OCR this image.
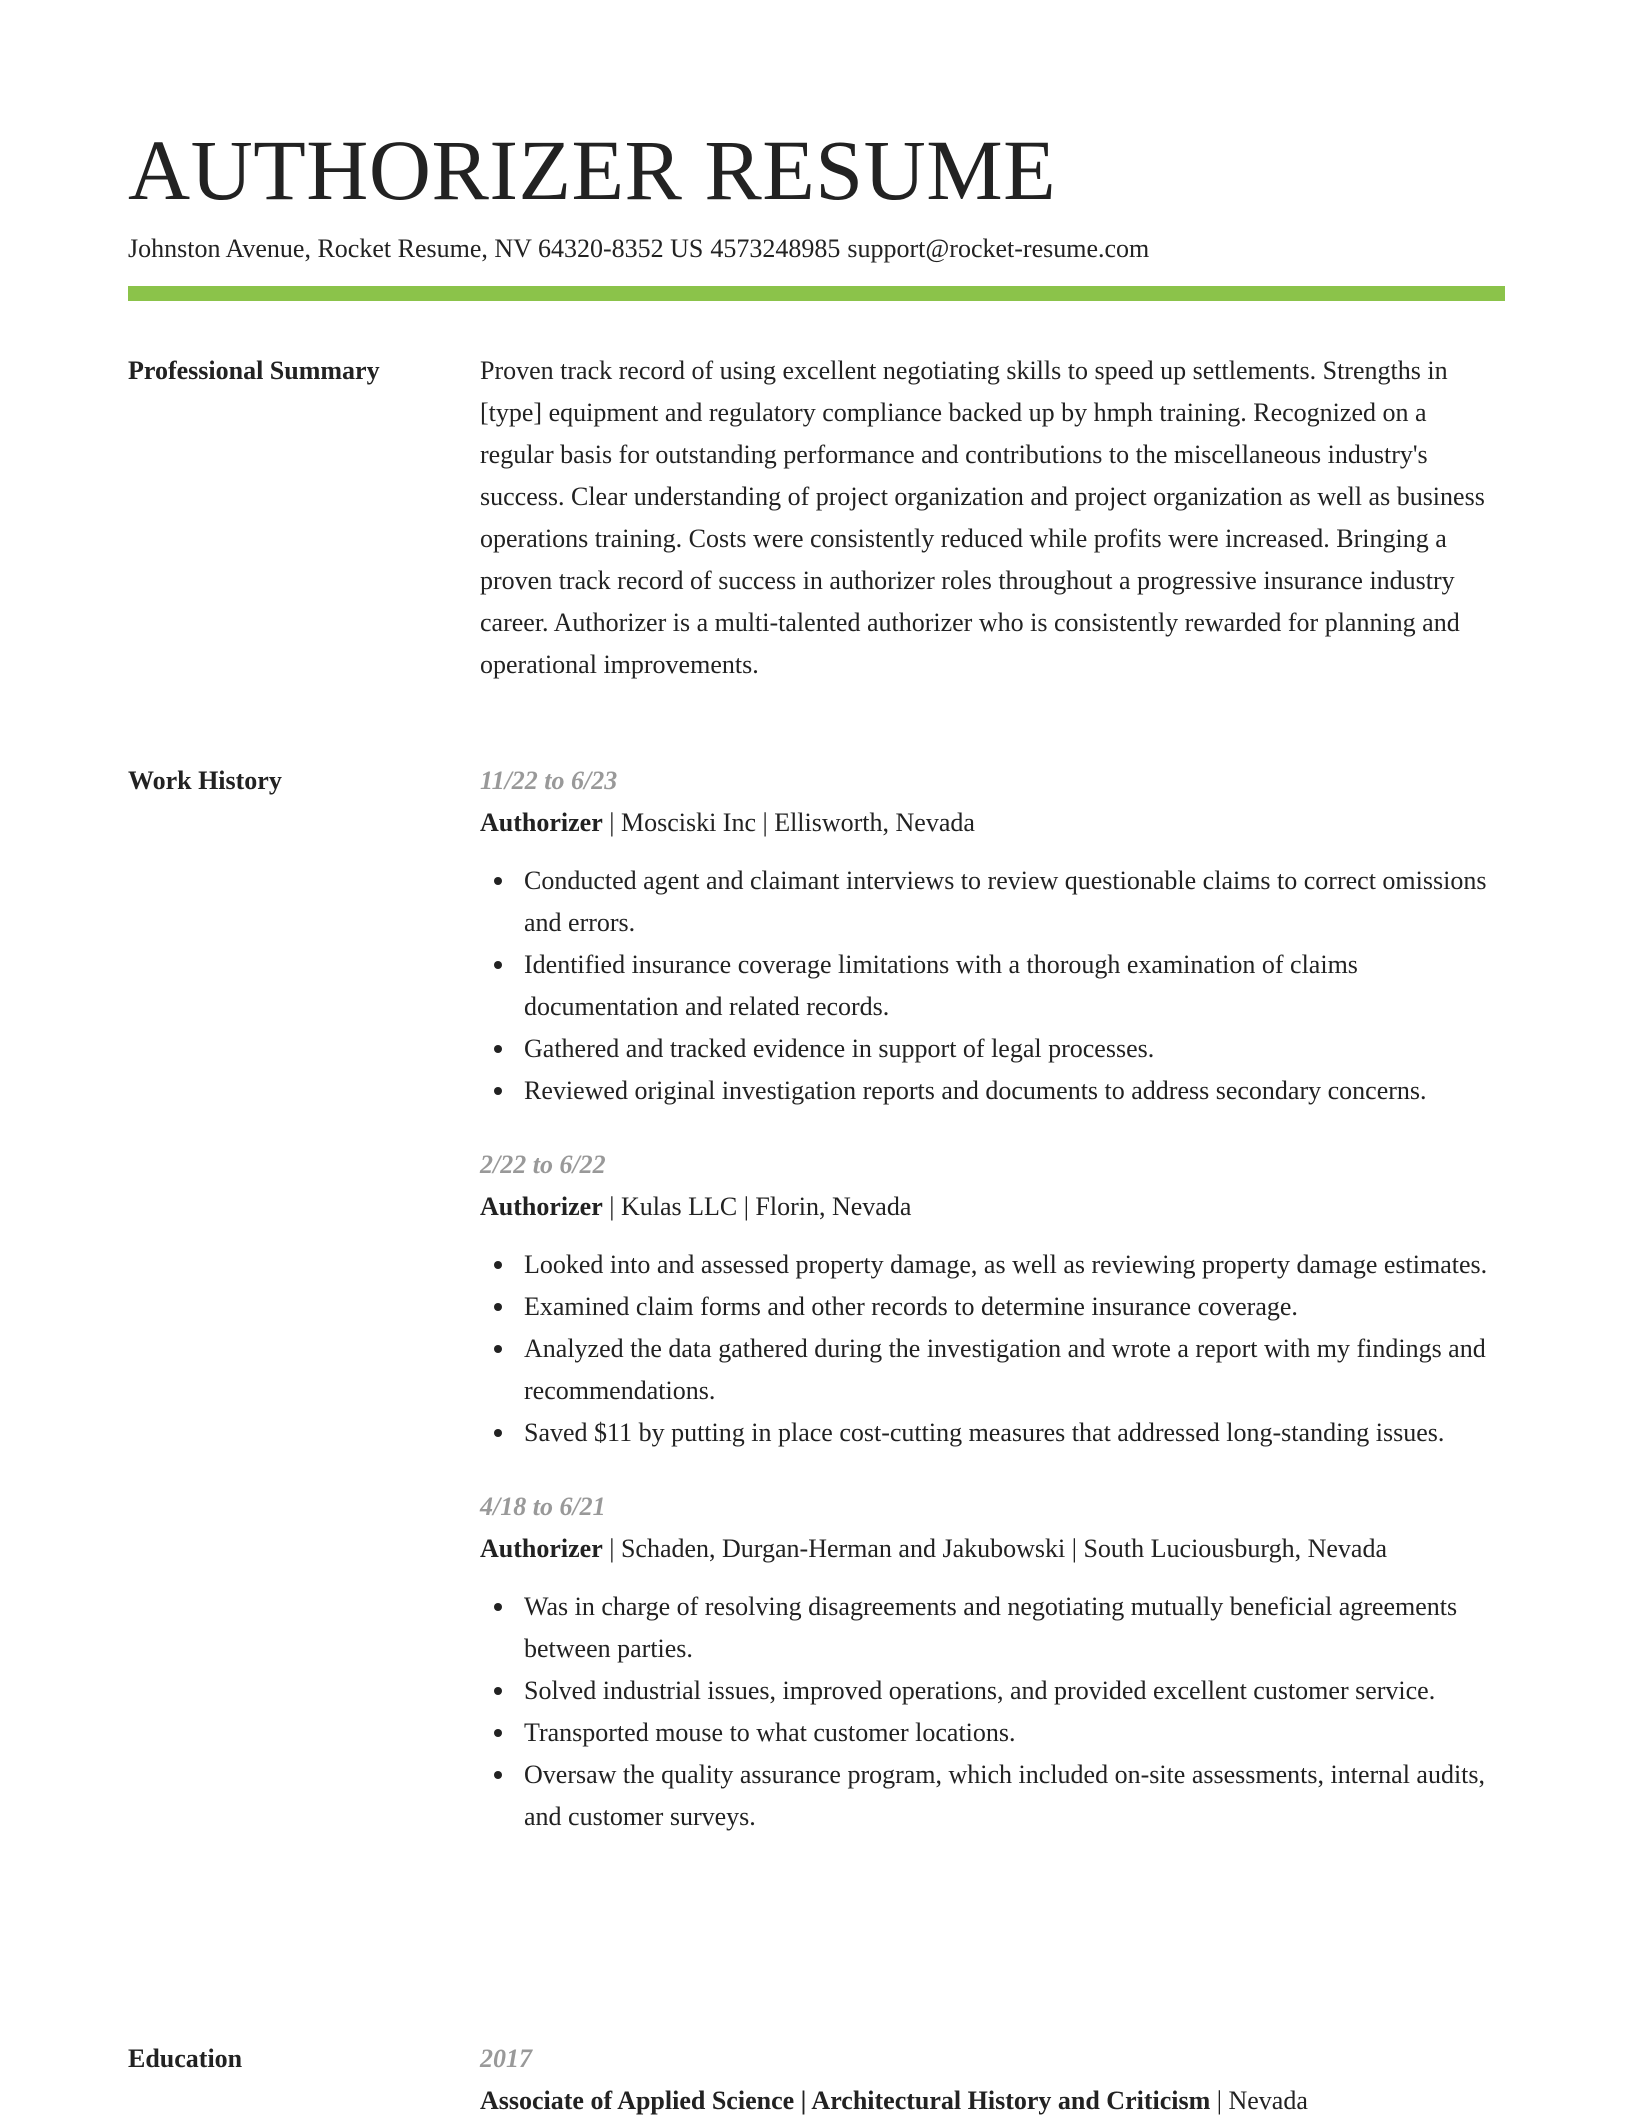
AUTHORIZER RESUME
Johnston Avenue, Rocket Resume, NV 64320-8352 US 4573248985 support@rocket-resume.com
Professional Summary	Proven track record of using excellent negotiating skills to speed up settlements. Strengths in [type] equipment and regulatory compliance backed up by hmph training. Recognized on a regular basis for outstanding performance and contributions to the miscellaneous industry's success. Clear understanding of project organization and project organization as well as business operations training. Costs were consistently reduced while profits were increased. Bringing a proven track record of success in authorizer roles throughout a progressive insurance industry career. Authorizer is a multi-talented authorizer who is consistently rewarded for planning and operational improvements.

Work History	11/22 to 6/23
Authorizer | Mosciski Inc | Ellisworth, Nevada
Conducted agent and claimant interviews to review questionable claims to correct omissions and errors.
Identified insurance coverage limitations with a thorough examination of claims documentation and related records.
Gathered and tracked evidence in support of legal processes.
Reviewed original investigation reports and documents to address secondary concerns.
2/22 to 6/22
Authorizer | Kulas LLC | Florin, Nevada
Looked into and assessed property damage, as well as reviewing property damage estimates.
Examined claim forms and other records to determine insurance coverage.
Analyzed the data gathered during the investigation and wrote a report with my findings and recommendations.
Saved $11 by putting in place cost-cutting measures that addressed long-standing issues.
4/18 to 6/21
Authorizer | Schaden, Durgan-Herman and Jakubowski | South Luciousburgh, Nevada
Was in charge of resolving disagreements and negotiating mutually beneficial agreements between parties.
Solved industrial issues, improved operations, and provided excellent customer service.
Transported mouse to what customer locations.
Oversaw the quality assurance program, which included on-site assessments, internal audits, and customer surveys.
Education	2017
Associate of Applied Science | Architectural History and Criticism | Nevada
